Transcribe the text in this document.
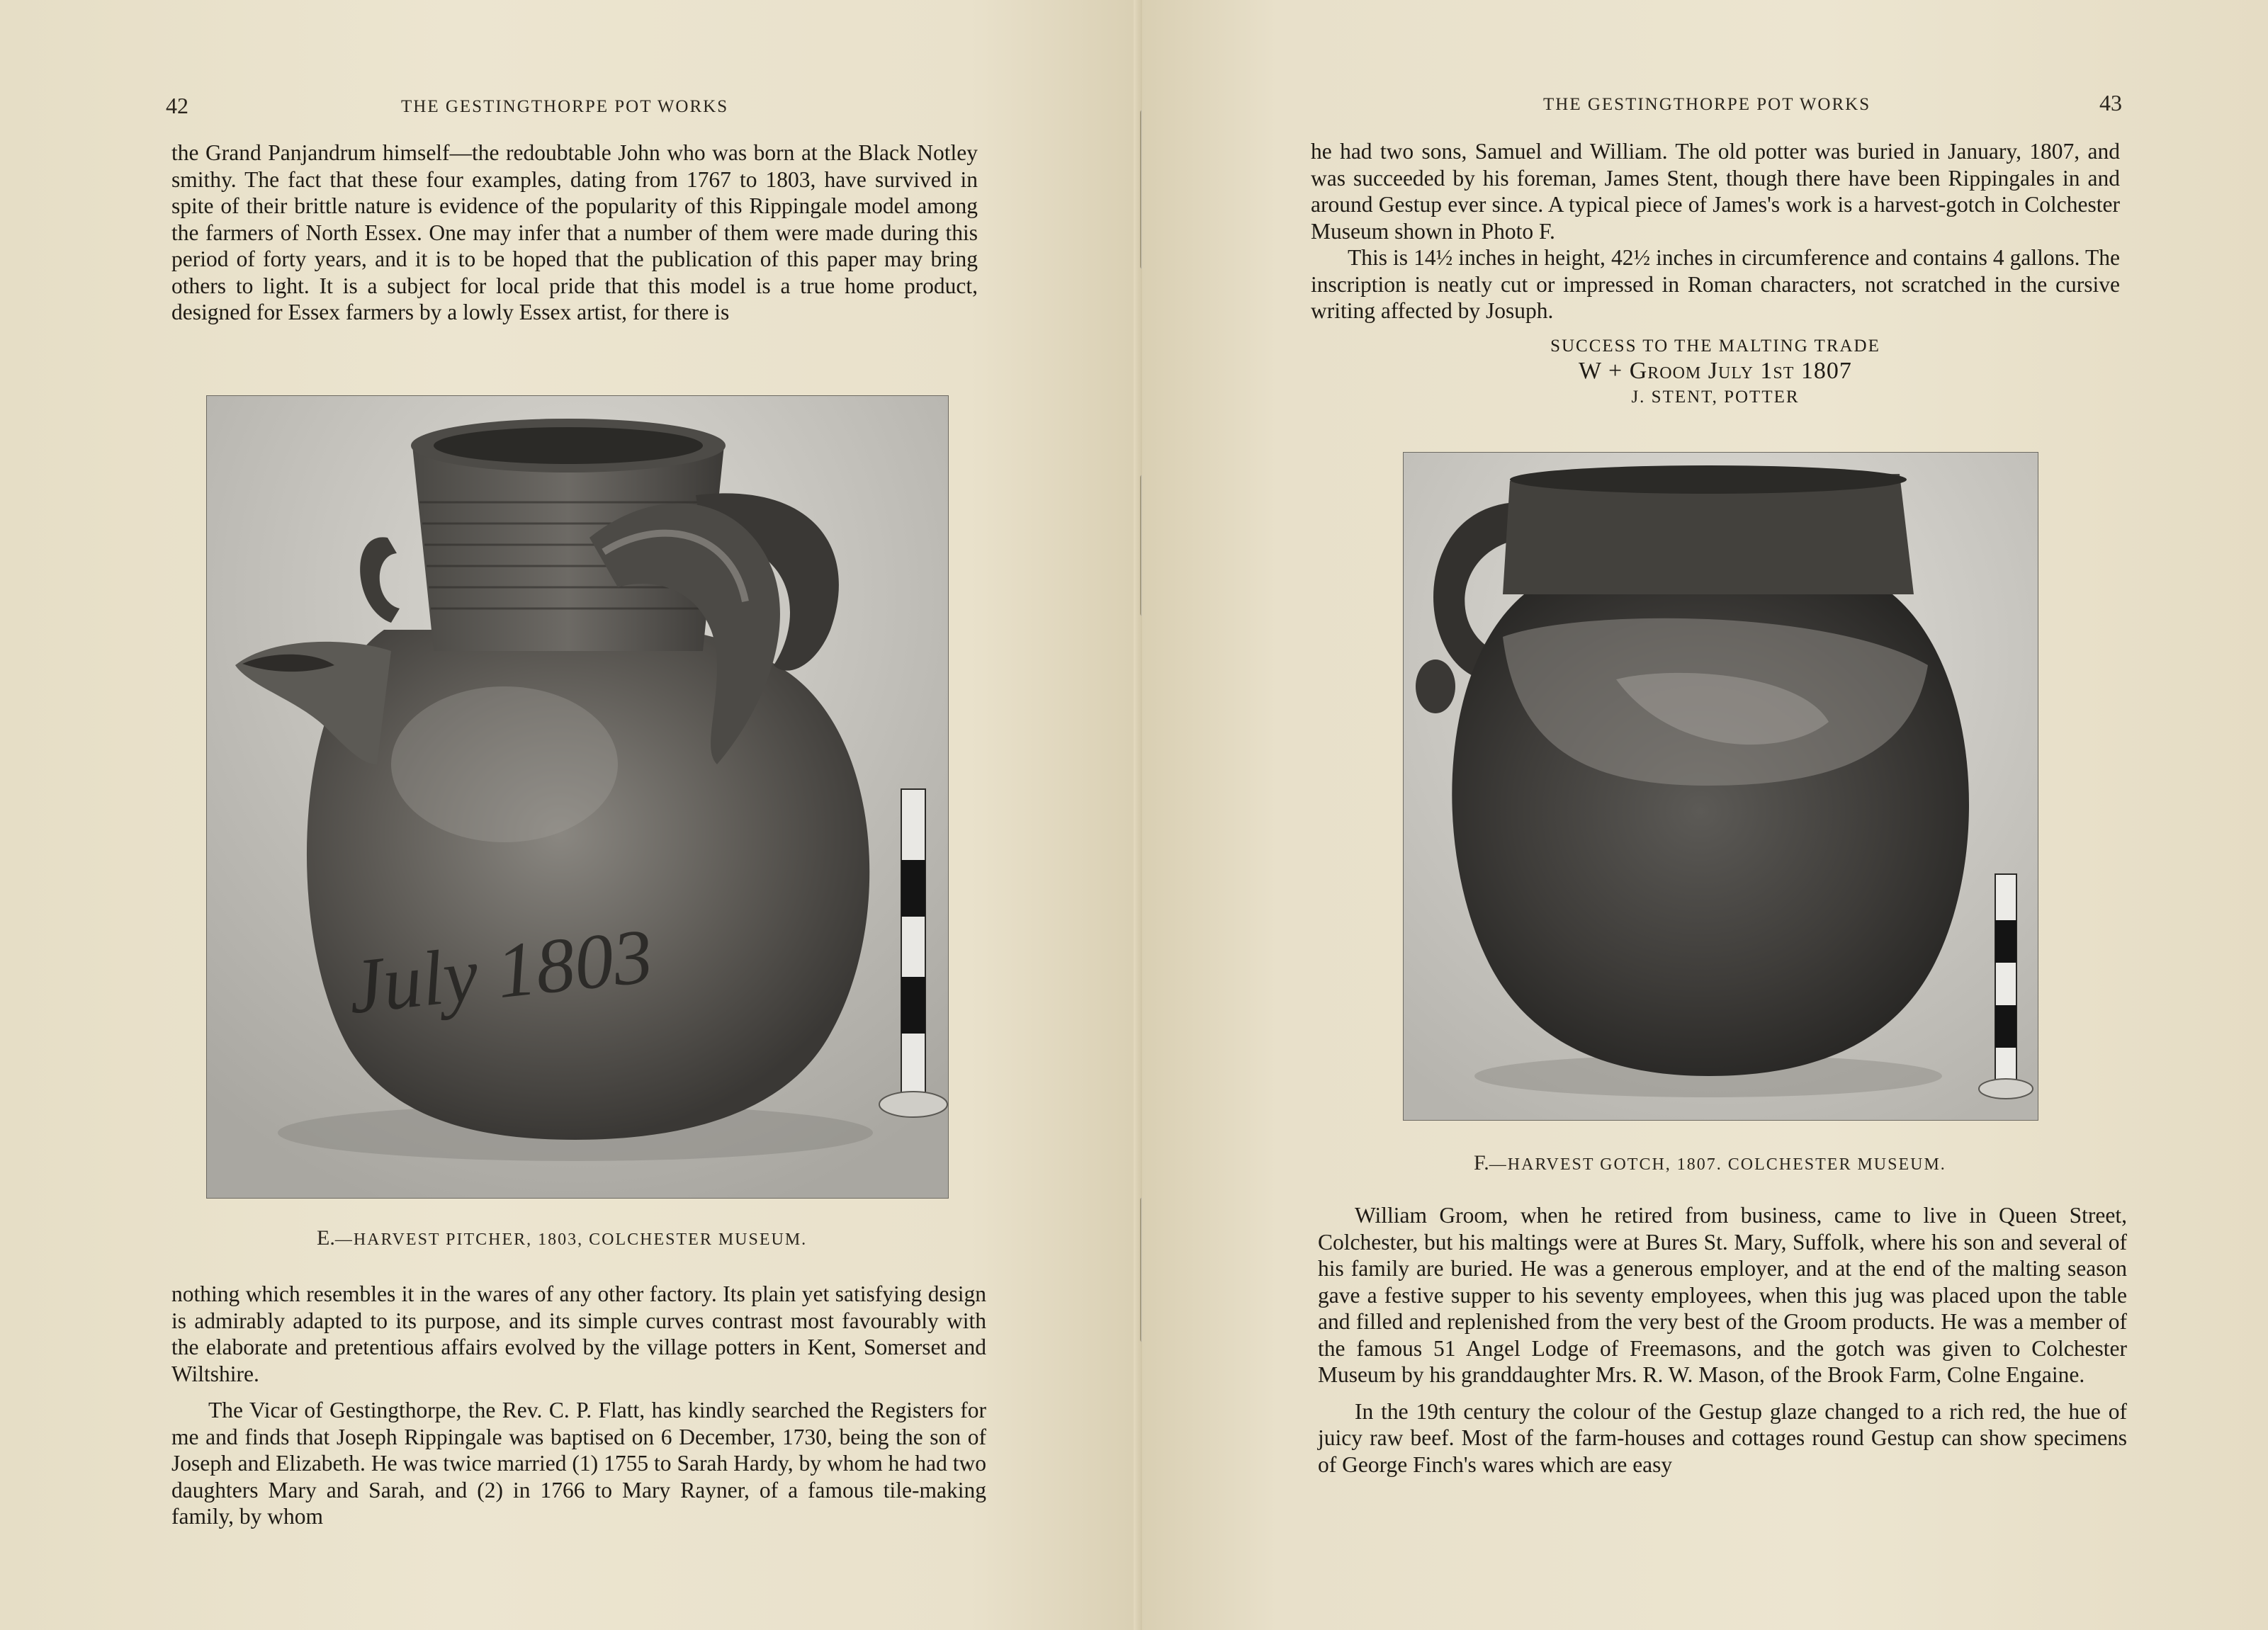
42	THE GESTINGTHORPE POT WORKS

the Grand Panjandrum himself—the redoubtable John who was born at the Black Notley smithy. The fact that these four examples, dating from 1767 to 1803, have survived in spite of their brittle nature is evidence of the popularity of this Rippingale model among the farmers of North Essex. One may infer that a number of them were made during this period of forty years, and it is to be hoped that the publication of this paper may bring others to light. It is a subject for local pride that this model is a true home product, designed for Essex farmers by a lowly Essex artist, for there is

July 1803
E.—HARVEST PITCHER, 1803, COLCHESTER MUSEUM.

nothing which resembles it in the wares of any other factory. Its plain yet satisfying design is admirably adapted to its purpose, and its simple curves contrast most favourably with the elaborate and pretentious affairs evolved by the village potters in Kent, Somerset and Wiltshire.

The Vicar of Gestingthorpe, the Rev. C. P. Flatt, has kindly searched the Registers for me and finds that Joseph Rippingale was baptised on 6 December, 1730, being the son of Joseph and Elizabeth. He was twice married (1) 1755 to Sarah Hardy, by whom he had two daughters Mary and Sarah, and (2) in 1766 to Mary Rayner, of a famous tile-making family, by whom

THE GESTINGTHORPE POT WORKS	43

he had two sons, Samuel and William. The old potter was buried in January, 1807, and was succeeded by his foreman, James Stent, though there have been Rippingales in and around Gestup ever since. A typical piece of James's work is a harvest-gotch in Colchester Museum shown in Photo F.

This is 14½ inches in height, 42½ inches in circumference and contains 4 gallons. The inscription is neatly cut or impressed in Roman characters, not scratched in the cursive writing affected by Josuph.

SUCCESS TO THE MALTING TRADE
W + Groom July 1st 1807
J. STENT, POTTER
F.—HARVEST GOTCH, 1807. COLCHESTER MUSEUM.

William Groom, when he retired from business, came to live in Queen Street, Colchester, but his maltings were at Bures St. Mary, Suffolk, where his son and several of his family are buried. He was a generous employer, and at the end of the malting season gave a festive supper to his seventy employees, when this jug was placed upon the table and filled and replenished from the very best of the Groom products. He was a member of the famous 51 Angel Lodge of Freemasons, and the gotch was given to Colchester Museum by his granddaughter Mrs. R. W. Mason, of the Brook Farm, Colne Engaine.

In the 19th century the colour of the Gestup glaze changed to a rich red, the hue of juicy raw beef. Most of the farm-houses and cottages round Gestup can show specimens of George Finch's wares which are easy
